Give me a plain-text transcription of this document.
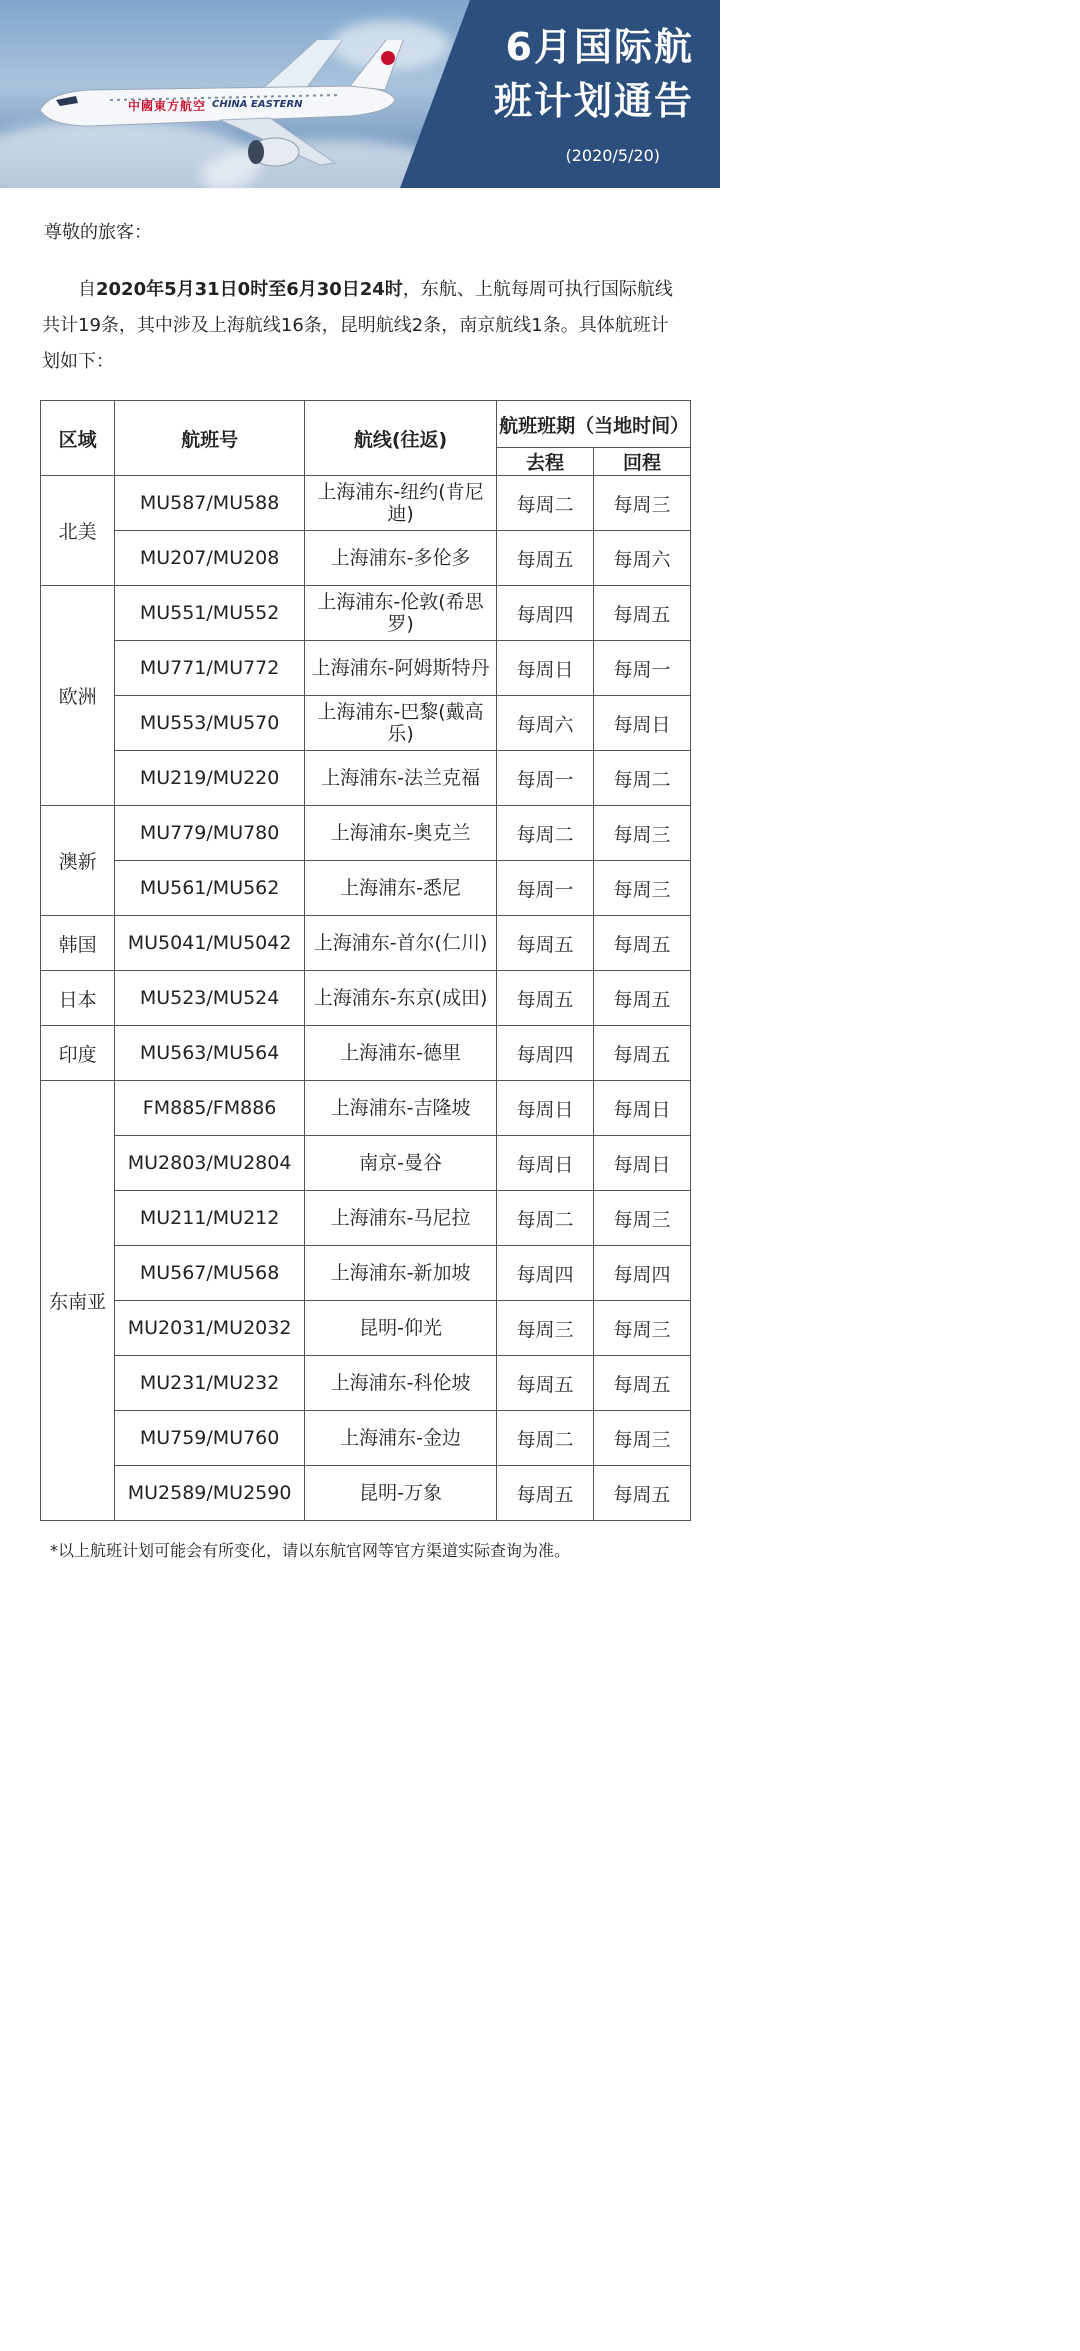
中國東方航空 CHINA EASTERN
6月国际航
班计划通告
(2020/5/20)
尊敬的旅客：
  自2020年5月31日0时至6月30日24时，东航、上航每周可执行国际航线共计19条，其中涉及上海航线16条，昆明航线2条，南京航线1条。具体航班计划如下：
区域	航班号	航线(往返)	航班班期（当地时间）	
			去程	回程
北美	MU587/MU588	上海浦东-纽约(肯尼迪)	每周二	每周三
	MU207/MU208	上海浦东-多伦多	每周五	每周六
欧洲	MU551/MU552	上海浦东-伦敦(希思罗)	每周四	每周五
	MU771/MU772	上海浦东-阿姆斯特丹	每周日	每周一
	MU553/MU570	上海浦东-巴黎(戴高乐)	每周六	每周日
	MU219/MU220	上海浦东-法兰克福	每周一	每周二
澳新	MU779/MU780	上海浦东-奥克兰	每周二	每周三
	MU561/MU562	上海浦东-悉尼	每周一	每周三
韩国	MU5041/MU5042	上海浦东-首尔(仁川)	每周五	每周五
日本	MU523/MU524	上海浦东-东京(成田)	每周五	每周五
印度	MU563/MU564	上海浦东-德里	每周四	每周五
东南亚	FM885/FM886	上海浦东-吉隆坡	每周日	每周日
	MU2803/MU2804	南京-曼谷	每周日	每周日
	MU211/MU212	上海浦东-马尼拉	每周二	每周三
	MU567/MU568	上海浦东-新加坡	每周四	每周四
	MU2031/MU2032	昆明-仰光	每周三	每周三
	MU231/MU232	上海浦东-科伦坡	每周五	每周五
	MU759/MU760	上海浦东-金边	每周二	每周三
	MU2589/MU2590	昆明-万象	每周五	每周五
*以上航班计划可能会有所变化，请以东航官网等官方渠道实际查询为准。
